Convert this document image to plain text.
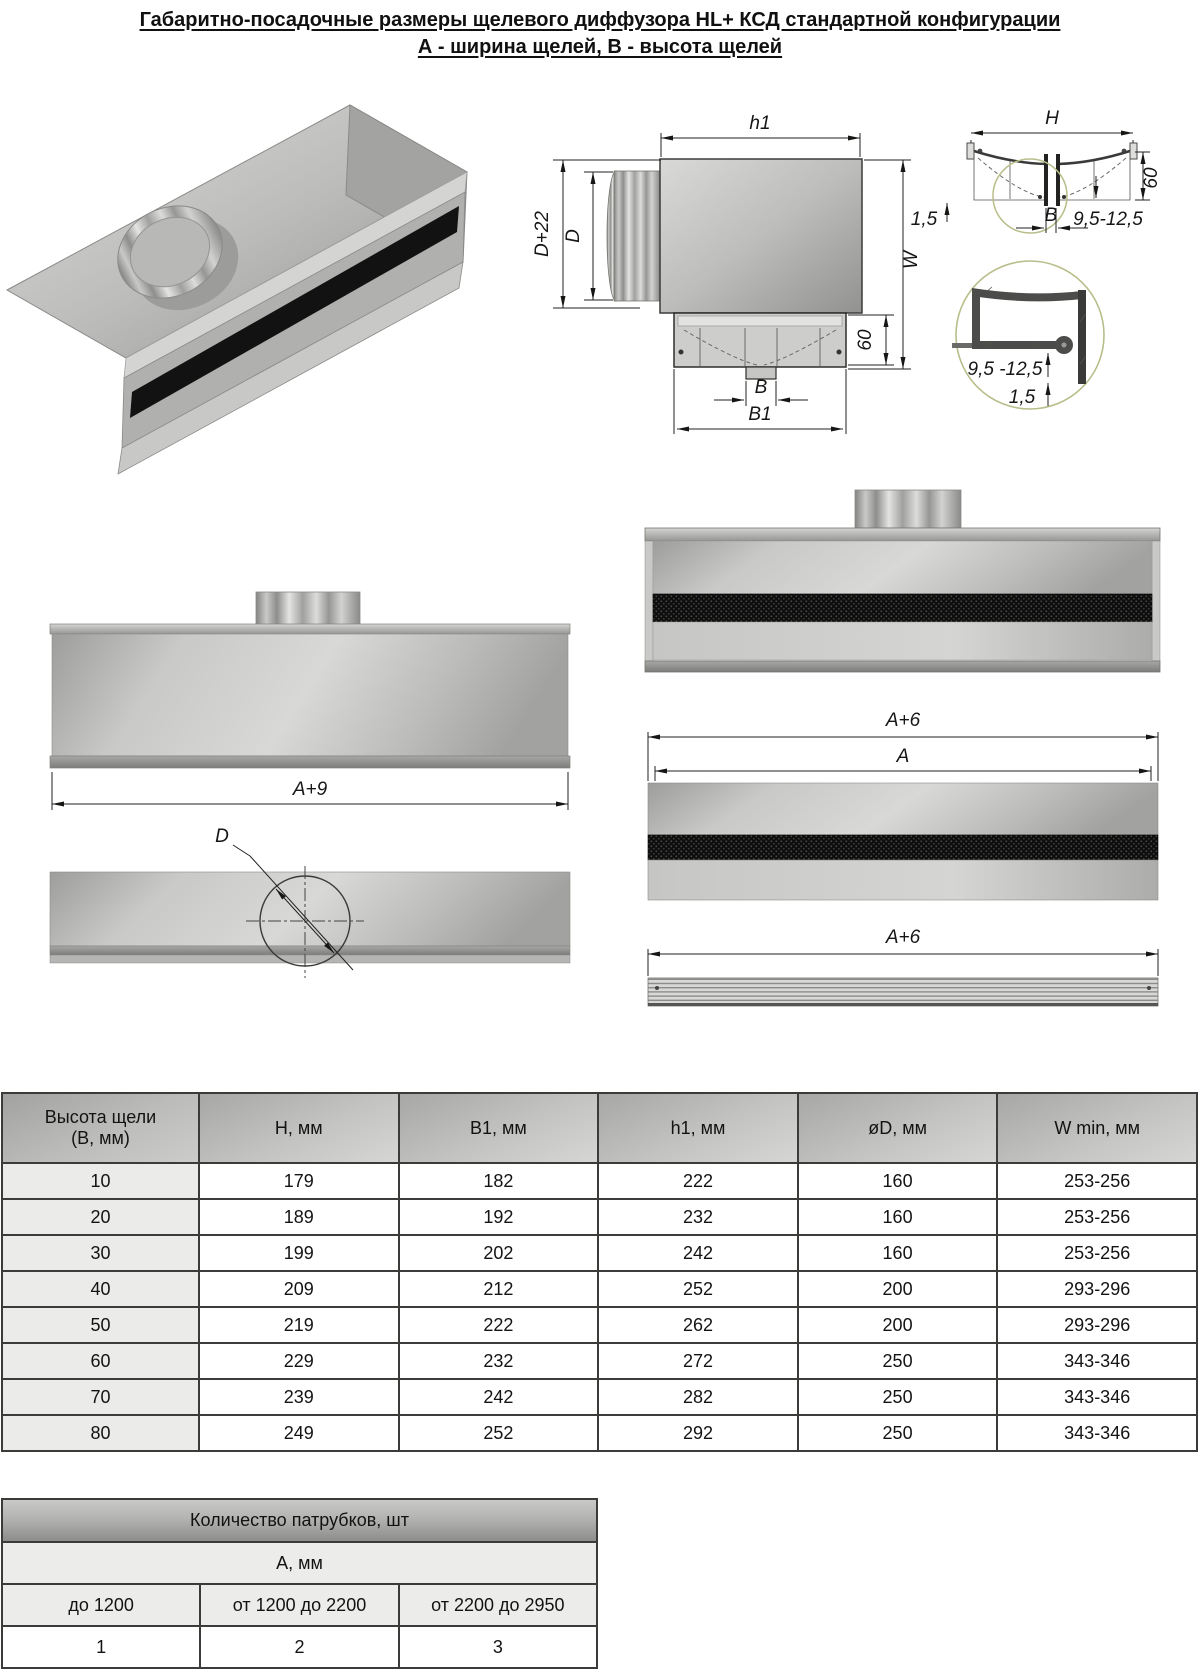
Габаритно-посадочные размеры щелевого диффузора HL+ КСД стандартной конфигурации
А - ширина щелей, В - высота щелей
h1
D+22 D
W
60
B
B1
H
60
1,5	B 9,5-12,5
9,5 -12,5
1,5
A+9
D
A+6
A
A+6
Высота щели
(В, мм)	H, мм	B1, мм	h1, мм	øD, мм	W min, мм
10	179	182	222	160	253-256
20	189	192	232	160	253-256
30	199	202	242	160	253-256
40	209	212	252	200	293-296
50	219	222	262	200	293-296
60	229	232	272	250	343-346
70	239	242	282	250	343-346
80	249	252	292	250	343-346
Количество патрубков, шт		
А, мм		
до 1200	от 1200 до 2200	от 2200 до 2950
1	2	3
